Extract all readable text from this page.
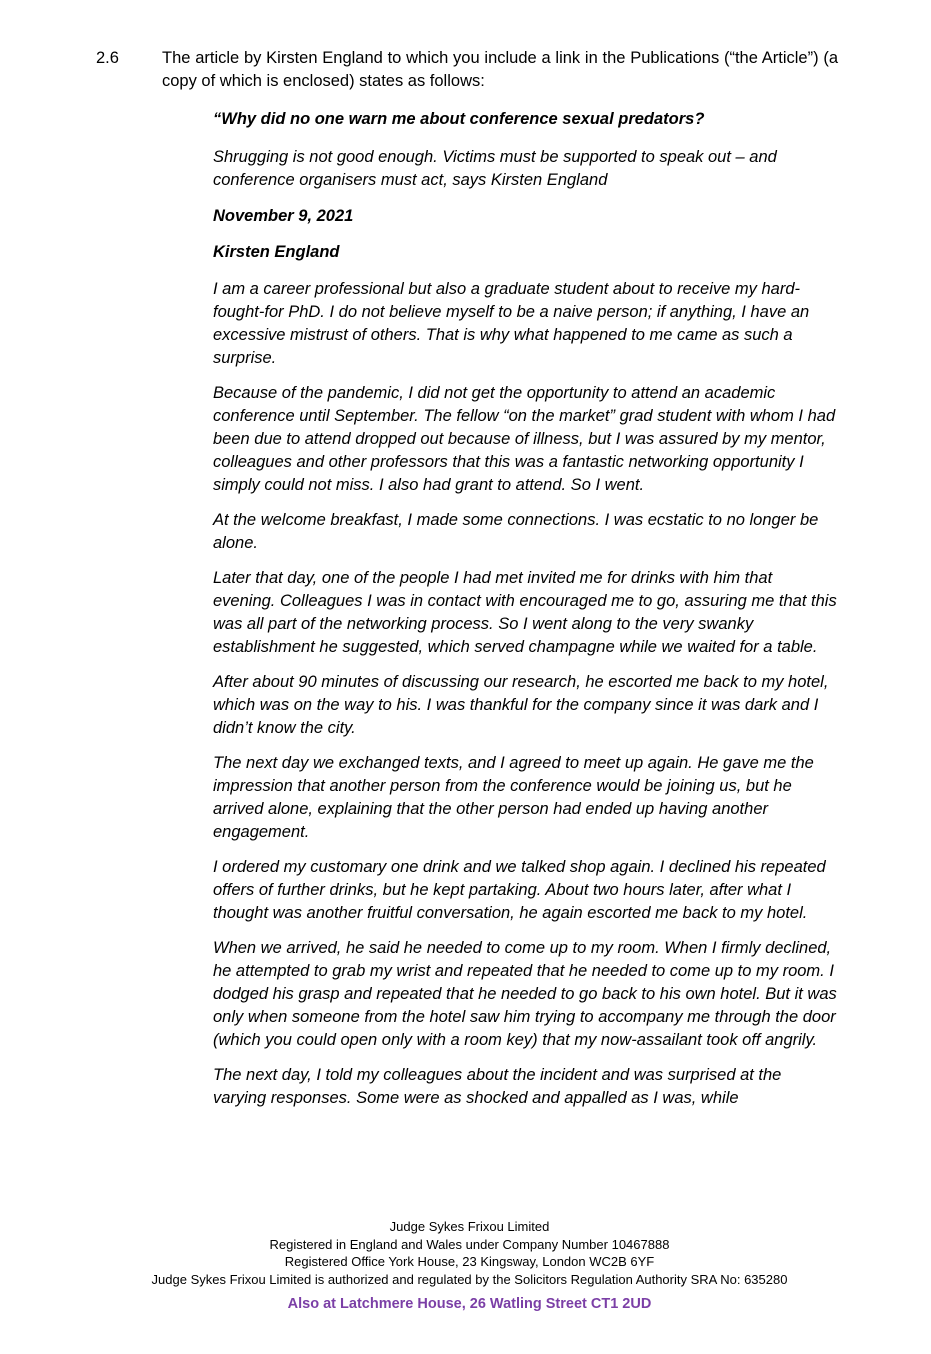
2.6	The article by Kirsten England to which you include a link in the Publications (“the Article”) (a copy of which is enclosed) states as follows:
“Why did no one warn me about conference sexual predators?
Shrugging is not good enough. Victims must be supported to speak out – and conference organisers must act, says Kirsten England
November 9, 2021
Kirsten England
I am a career professional but also a graduate student about to receive my hard-fought-for PhD. I do not believe myself to be a naive person; if anything, I have an excessive mistrust of others. That is why what happened to me came as such a surprise.
Because of the pandemic, I did not get the opportunity to attend an academic conference until September. The fellow “on the market” grad student with whom I had been due to attend dropped out because of illness, but I was assured by my mentor, colleagues and other professors that this was a fantastic networking opportunity I simply could not miss. I also had grant to attend. So I went.
At the welcome breakfast, I made some connections. I was ecstatic to no longer be alone.
Later that day, one of the people I had met invited me for drinks with him that evening. Colleagues I was in contact with encouraged me to go, assuring me that this was all part of the networking process. So I went along to the very swanky establishment he suggested, which served champagne while we waited for a table.
After about 90 minutes of discussing our research, he escorted me back to my hotel, which was on the way to his. I was thankful for the company since it was dark and I didn’t know the city.
The next day we exchanged texts, and I agreed to meet up again. He gave me the impression that another person from the conference would be joining us, but he arrived alone, explaining that the other person had ended up having another engagement.
I ordered my customary one drink and we talked shop again. I declined his repeated offers of further drinks, but he kept partaking. About two hours later, after what I thought was another fruitful conversation, he again escorted me back to my hotel.
When we arrived, he said he needed to come up to my room. When I firmly declined, he attempted to grab my wrist and repeated that he needed to come up to my room. I dodged his grasp and repeated that he needed to go back to his own hotel. But it was only when someone from the hotel saw him trying to accompany me through the door (which you could open only with a room key) that my now-assailant took off angrily.
The next day, I told my colleagues about the incident and was surprised at the varying responses. Some were as shocked and appalled as I was, while
Judge Sykes Frixou Limited
Registered in England and Wales under Company Number 10467888
Registered Office York House, 23 Kingsway, London WC2B 6YF
Judge Sykes Frixou Limited is authorized and regulated by the Solicitors Regulation Authority SRA No: 635280
Also at Latchmere House, 26 Watling Street CT1 2UD
